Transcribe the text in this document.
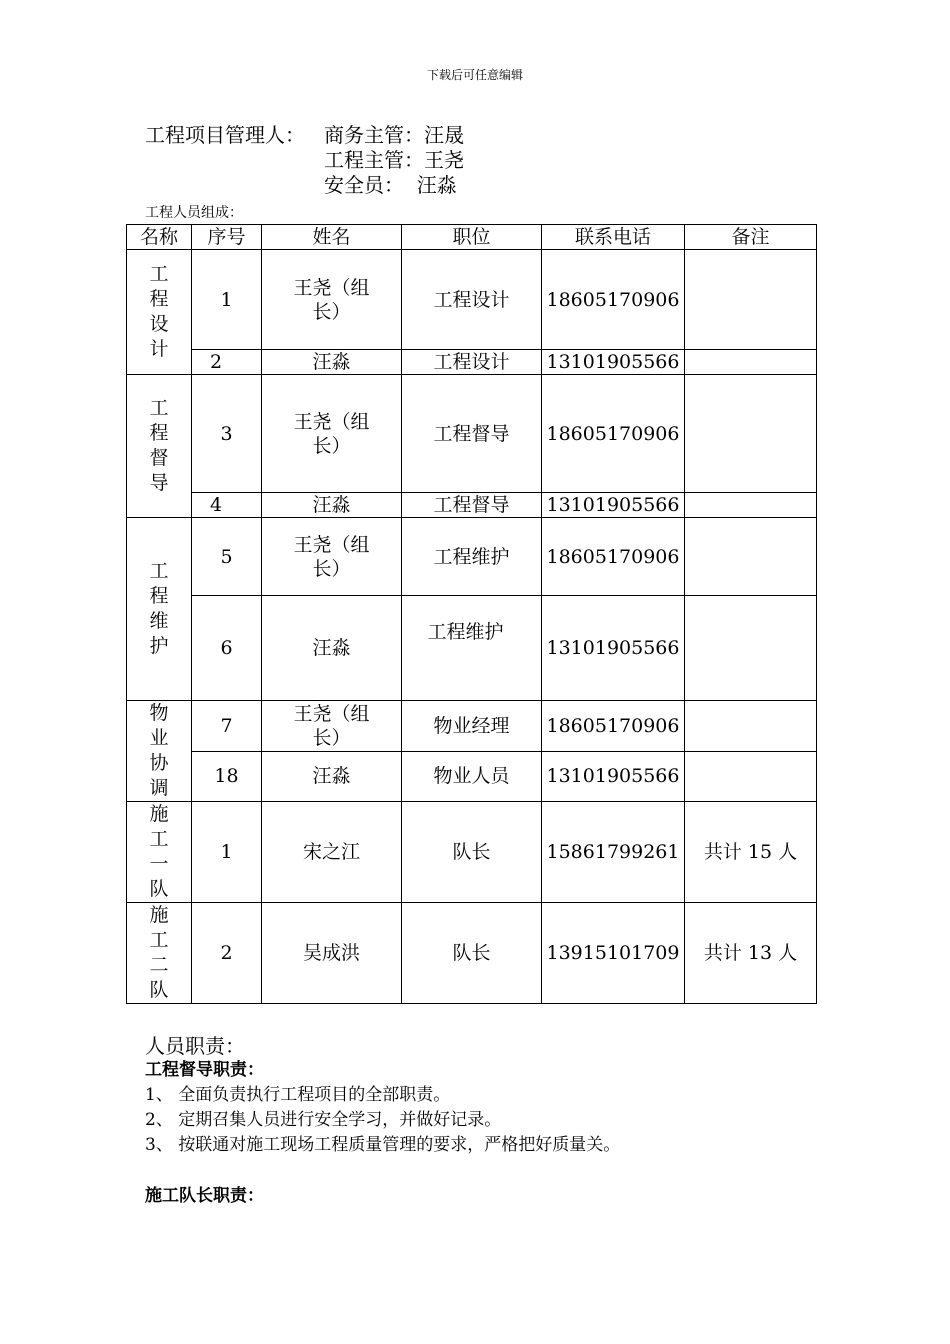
下载后可任意编辑
工程项目管理人： 商务主管：汪晟
工程主管：王尧
安全员：  汪淼
工程人员组成：
名称	序号	姓名	职位	联系电话	备注
工程设计	1	王尧（组长）	工程设计	18605170906	
	2	汪淼	工程设计	13101905566	
工程督导	3	王尧（组长）	工程督导	18605170906	
	4	汪淼	工程督导	13101905566	
工程维护	5	王尧（组长）	工程维护	18605170906	
	6	汪淼	工程维护	13101905566	
物业协调	7	王尧（组长）	物业经理	18605170906	
	18	汪淼	物业人员	13101905566	
施工一队	1	宋之江	队长	15861799261	共计 15 人
施工二队	2	吴成洪	队长	13915101709	共计 13 人
人员职责：
工程督导职责：
1、 全面负责执行工程项目的全部职责。
2、 定期召集人员进行安全学习，并做好记录。
3、 按联通对施工现场工程质量管理的要求，严格把好质量关。
施工队长职责：
